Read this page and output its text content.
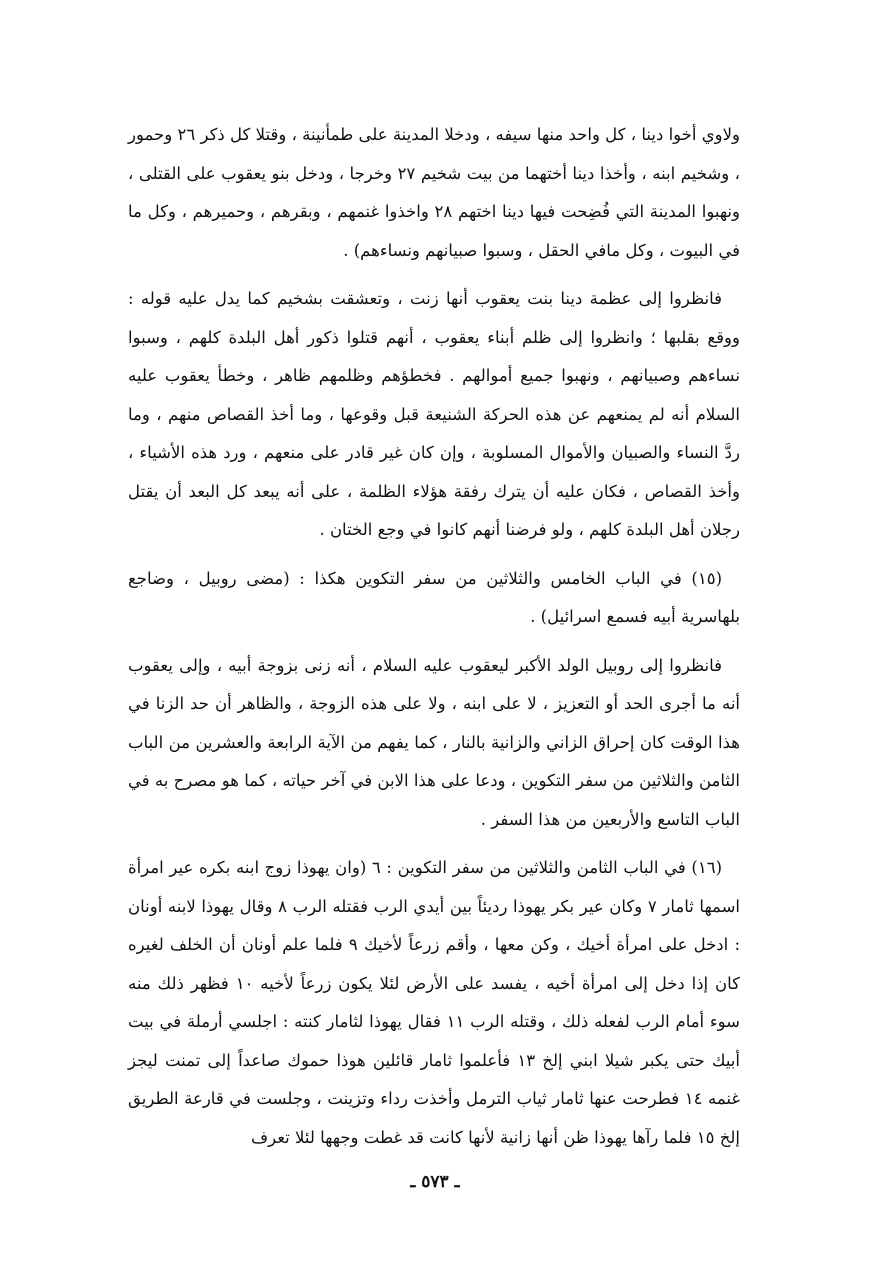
ولاوي أخوا دينا ، كل واحد منها سيفه ، ودخلا المدينة على طمأنينة ، وقتلا كل ذكر ٢٦ وحمور ، وشخيم ابنه ، وأخذا دينا أختهما من بيت شخيم ٢٧ وخرجا ، ودخل بنو يعقوب على القتلى ، ونهبوا المدينة التي فُضِحت فيها دينا اختهم ٢٨ واخذوا غنمهم ، وبقرهم ، وحميرهم ، وكل ما في البيوت ، وكل مافي الحقل ، وسبوا صبيانهم ونساءهم) .

فانظروا إلى عظمة دينا بنت يعقوب أنها زنت ، وتعشقت بشخيم كما يدل عليه قوله : ووقع بقلبها ؛ وانظروا إلى ظلم أبناء يعقوب ، أنهم قتلوا ذكور أهل البلدة كلهم ، وسبوا نساءهم وصبيانهم ، ونهبوا جميع أموالهم . فخطؤهم وظلمهم ظاهر ، وخطأ يعقوب عليه السلام أنه لم يمنعهم عن هذه الحركة الشنيعة قبل وقوعها ، وما أخذ القصاص منهم ، وما ردَّ النساء والصبيان والأموال المسلوبة ، وإن كان غير قادر على منعهم ، ورد هذه الأشياء ، وأخذ القصاص ، فكان عليه أن يترك رفقة هؤلاء الظلمة ، على أنه يبعد كل البعد أن يقتل رجلان أهل البلدة كلهم ، ولو فرضنا أنهم كانوا في وجع الختان .

(١٥) في الباب الخامس والثلاثين من سفر التكوين هكذا : (مضى روبيل ، وضاجع بلهاسرية أبيه فسمع اسرائيل) .

فانظروا إلى روبيل الولد الأكبر ليعقوب عليه السلام ، أنه زنى بزوجة أبيه ، وإلى يعقوب أنه ما أجرى الحد أو التعزيز ، لا على ابنه ، ولا على هذه الزوجة ، والظاهر أن حد الزنا في هذا الوقت كان إحراق الزاني والزانية بالنار ، كما يفهم من الآية الرابعة والعشرين من الباب الثامن والثلاثين من سفر التكوين ، ودعا على هذا الابن في آخر حياته ، كما هو مصرح به في الباب التاسع والأربعين من هذا السفر .

(١٦) في الباب الثامن والثلاثين من سفر التكوين : ٦ (وان يهوذا زوج ابنه بكره عير امرأة اسمها ثامار ٧ وكان عير بكر يهوذا رديئاً بين أيدي الرب فقتله الرب ٨ وقال يهوذا لابنه أونان : ادخل على امرأة أخيك ، وكن معها ، وأقم زرعاً لأخيك ٩ فلما علم أونان أن الخلف لغيره كان إذا دخل إلى امرأة أخيه ، يفسد على الأرض لئلا يكون زرعاً لأخيه ١٠ فظهر ذلك منه سوء أمام الرب لفعله ذلك ، وقتله الرب ١١ فقال يهوذا لثامار كنته : اجلسي أرملة في بيت أبيك حتى يكبر شيلا ابني إلخ ١٣ فأعلموا ثامار قائلين هوذا حموك صاعداً إلى تمنت ليجز غنمه ١٤ فطرحت عنها ثامار ثياب الترمل وأخذت رداء وتزينت ، وجلست في قارعة الطريق إلخ ١٥ فلما رآها يهوذا ظن أنها زانية لأنها كانت قد غطت وجهها لئلا تعرف

ـ ٥٧٣ ـ
